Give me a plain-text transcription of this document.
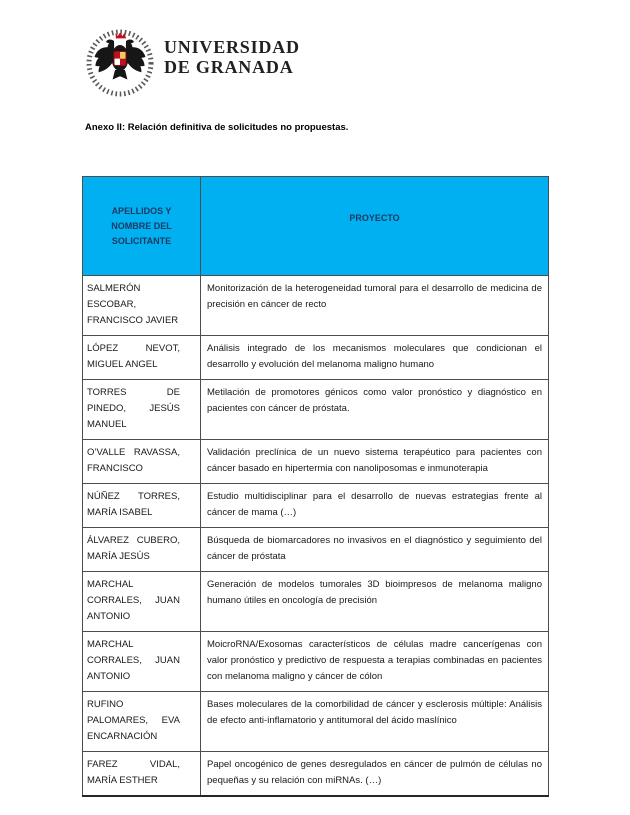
UNIVERSIDAD
DE GRANADA
Anexo II: Relación definitiva de solicitudes no propuestas.
APELLIDOS Y NOMBRE DEL SOLICITANTE	PROYECTO
SALMERÓN ESCOBAR, FRANCISCO JAVIER	Monitorización de la heterogeneidad tumoral para el desarrollo de medicina de precisión en cáncer de recto
LÓPEZ NEVOT, MIGUEL ANGEL	Análisis integrado de los mecanismos moleculares que condicionan el desarrollo y evolución del melanoma maligno humano
TORRES DE PINEDO, JESÚS MANUEL	Metilación de promotores génicos como valor pronóstico y diagnóstico en pacientes con cáncer de próstata.
O’VALLE RAVASSA, FRANCISCO	Validación preclínica de un nuevo sistema terapéutico para pacientes con cáncer basado en hipertermia con nanoliposomas e inmunoterapia
NÚÑEZ TORRES, MARÍA ISABEL	Estudio multidisciplinar para el desarrollo de nuevas estrategias frente al cáncer de mama (…)
ÁLVAREZ CUBERO, MARÍA JESÚS	Búsqueda de biomarcadores no invasivos en el diagnóstico y seguimiento del cáncer de próstata
MARCHAL CORRALES, JUAN ANTONIO	Generación de modelos tumorales 3D bioimpresos de melanoma maligno humano útiles en oncología de precisión
MARCHAL CORRALES, JUAN ANTONIO	MoicroRNA/Exosomas característicos de células madre cancerígenas con valor pronóstico y predictivo de respuesta a terapias combinadas en pacientes con melanoma maligno y cáncer de cólon
RUFINO PALOMARES, EVA ENCARNACIÓN	Bases moleculares de la comorbilidad de cáncer y esclerosis múltiple: Análisis de efecto anti-inflamatorio y antitumoral del ácido maslínico
FAREZ VIDAL, MARÍA ESTHER	Papel oncogénico de genes desregulados en cáncer de pulmón de células no pequeñas y su relación con miRNAs. (…)
